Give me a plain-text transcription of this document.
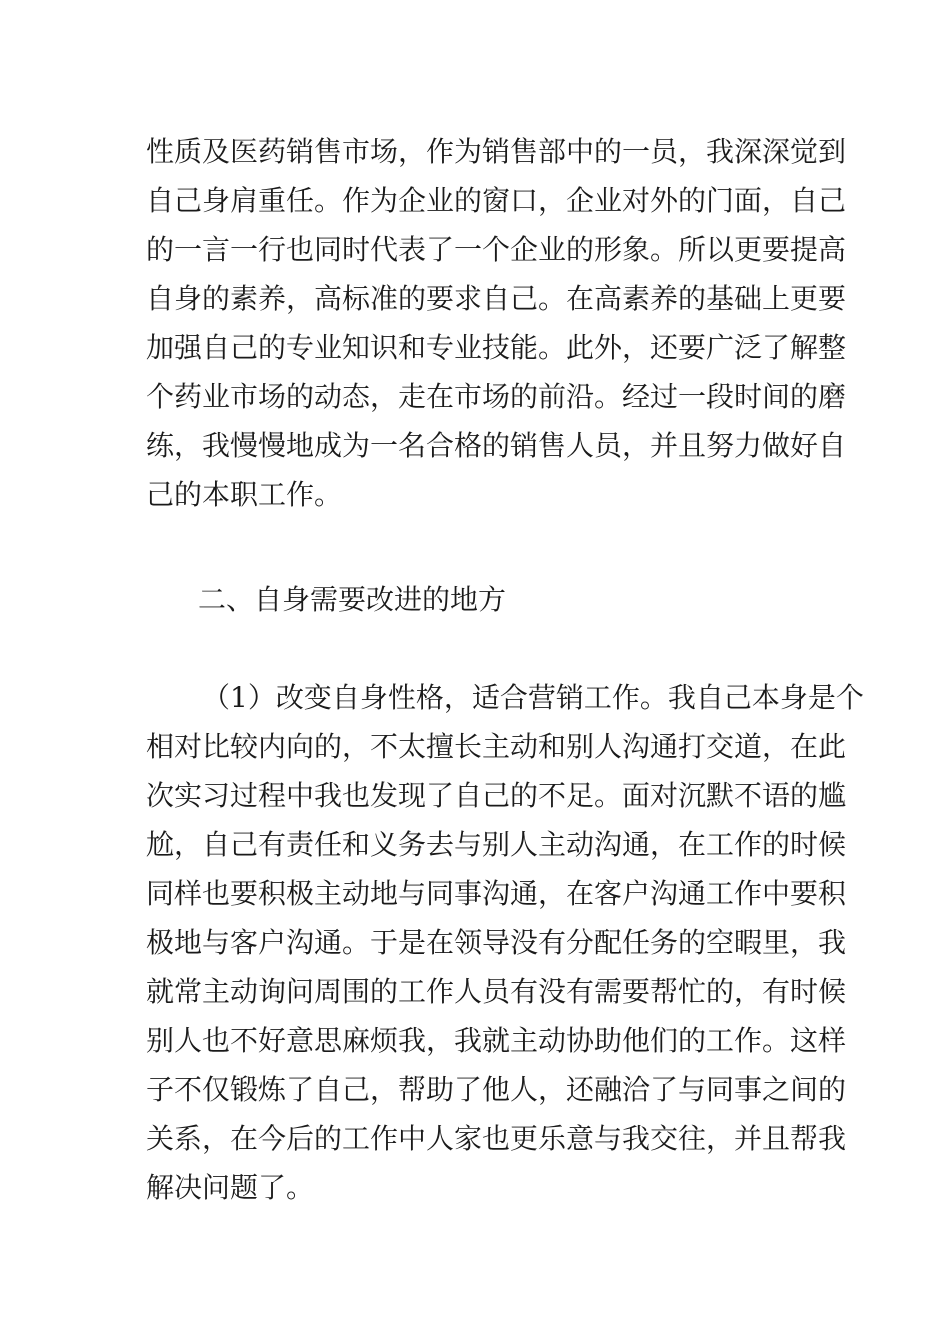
性质及医药销售市场，作为销售部中的一员，我深深觉到
自己身肩重任。作为企业的窗口，企业对外的门面，自己
的一言一行也同时代表了一个企业的形象。所以更要提高
自身的素养，高标准的要求自己。在高素养的基础上更要
加强自己的专业知识和专业技能。此外，还要广泛了解整
个药业市场的动态，走在市场的前沿。经过一段时间的磨
练，我慢慢地成为一名合格的销售人员，并且努力做好自
己的本职工作。
二、自身需要改进的地方
（1）改变自身性格，适合营销工作。我自己本身是个
相对比较内向的，不太擅长主动和别人沟通打交道，在此
次实习过程中我也发现了自己的不足。面对沉默不语的尴
尬，自己有责任和义务去与别人主动沟通，在工作的时候
同样也要积极主动地与同事沟通，在客户沟通工作中要积
极地与客户沟通。于是在领导没有分配任务的空暇里，我
就常主动询问周围的工作人员有没有需要帮忙的，有时候
别人也不好意思麻烦我，我就主动协助他们的工作。这样
子不仅锻炼了自己，帮助了他人，还融洽了与同事之间的
关系，在今后的工作中人家也更乐意与我交往，并且帮我
解决问题了。
